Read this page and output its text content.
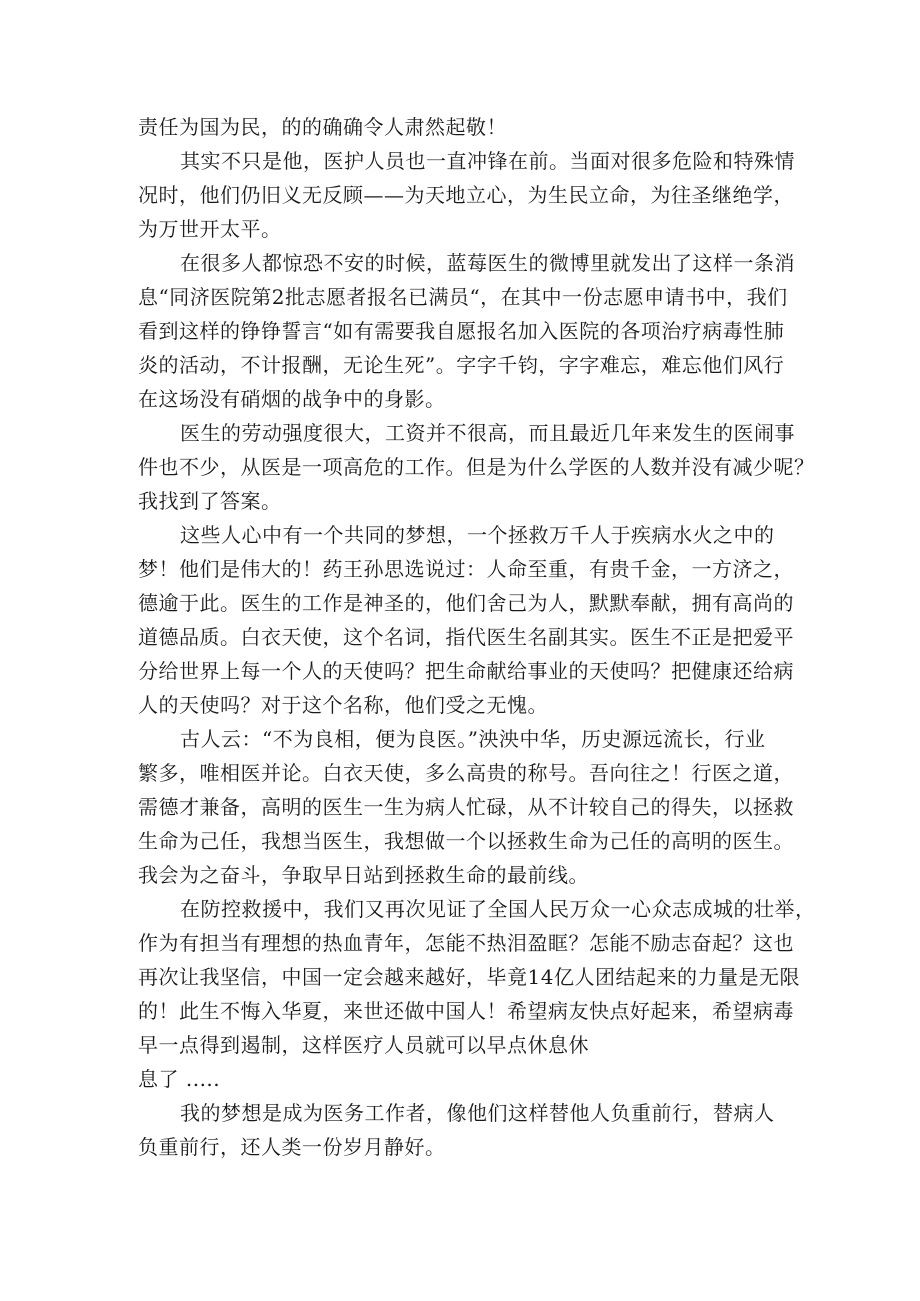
责任为国为民，的的确确令人肃然起敬！
其实不只是他，医护人员也一直冲锋在前。当面对很多危险和特殊情
况时，他们仍旧义无反顾——为天地立心，为生民立命，为往圣继绝学，
为万世开太平。
在很多人都惊恐不安的时候，蓝莓医生的微博里就发出了这样一条消
息“同济医院第2批志愿者报名已满员“，在其中一份志愿申请书中，我们
看到这样的铮铮誓言“如有需要我自愿报名加入医院的各项治疗病毒性肺
炎的活动，不计报酬，无论生死”。字字千钧，字字难忘，难忘他们风行
在这场没有硝烟的战争中的身影。
医生的劳动强度很大，工资并不很高，而且最近几年来发生的医闹事
件也不少，从医是一项高危的工作。但是为什么学医的人数并没有减少呢？
我找到了答案。
这些人心中有一个共同的梦想，一个拯救万千人于疾病水火之中的
梦！他们是伟大的！药王孙思选说过：人命至重，有贵千金，一方济之，
德逾于此。医生的工作是神圣的，他们舍己为人，默默奉献，拥有高尚的
道德品质。白衣天使，这个名词，指代医生名副其实。医生不正是把爱平
分给世界上每一个人的天使吗？把生命献给事业的天使吗？把健康还给病
人的天使吗？对于这个名称，他们受之无愧。
古人云：“不为良相，便为良医。”泱泱中华，历史源远流长，行业
繁多，唯相医并论。白衣天使，多么高贵的称号。吾向往之！行医之道，
需德才兼备，高明的医生一生为病人忙碌，从不计较自己的得失，以拯救
生命为己任，我想当医生，我想做一个以拯救生命为己任的高明的医生。
我会为之奋斗，争取早日站到拯救生命的最前线。
在防控救援中，我们又再次见证了全国人民万众一心众志成城的壮举，
作为有担当有理想的热血青年，怎能不热泪盈眶？怎能不励志奋起？这也
再次让我坚信，中国一定会越来越好，毕竟14亿人团结起来的力量是无限
的！此生不悔入华夏，来世还做中国人！希望病友快点好起来，希望病毒
早一点得到遏制，这样医疗人员就可以早点休息休
息了 .....
我的梦想是成为医务工作者，像他们这样替他人负重前行，替病人
负重前行，还人类一份岁月静好。
